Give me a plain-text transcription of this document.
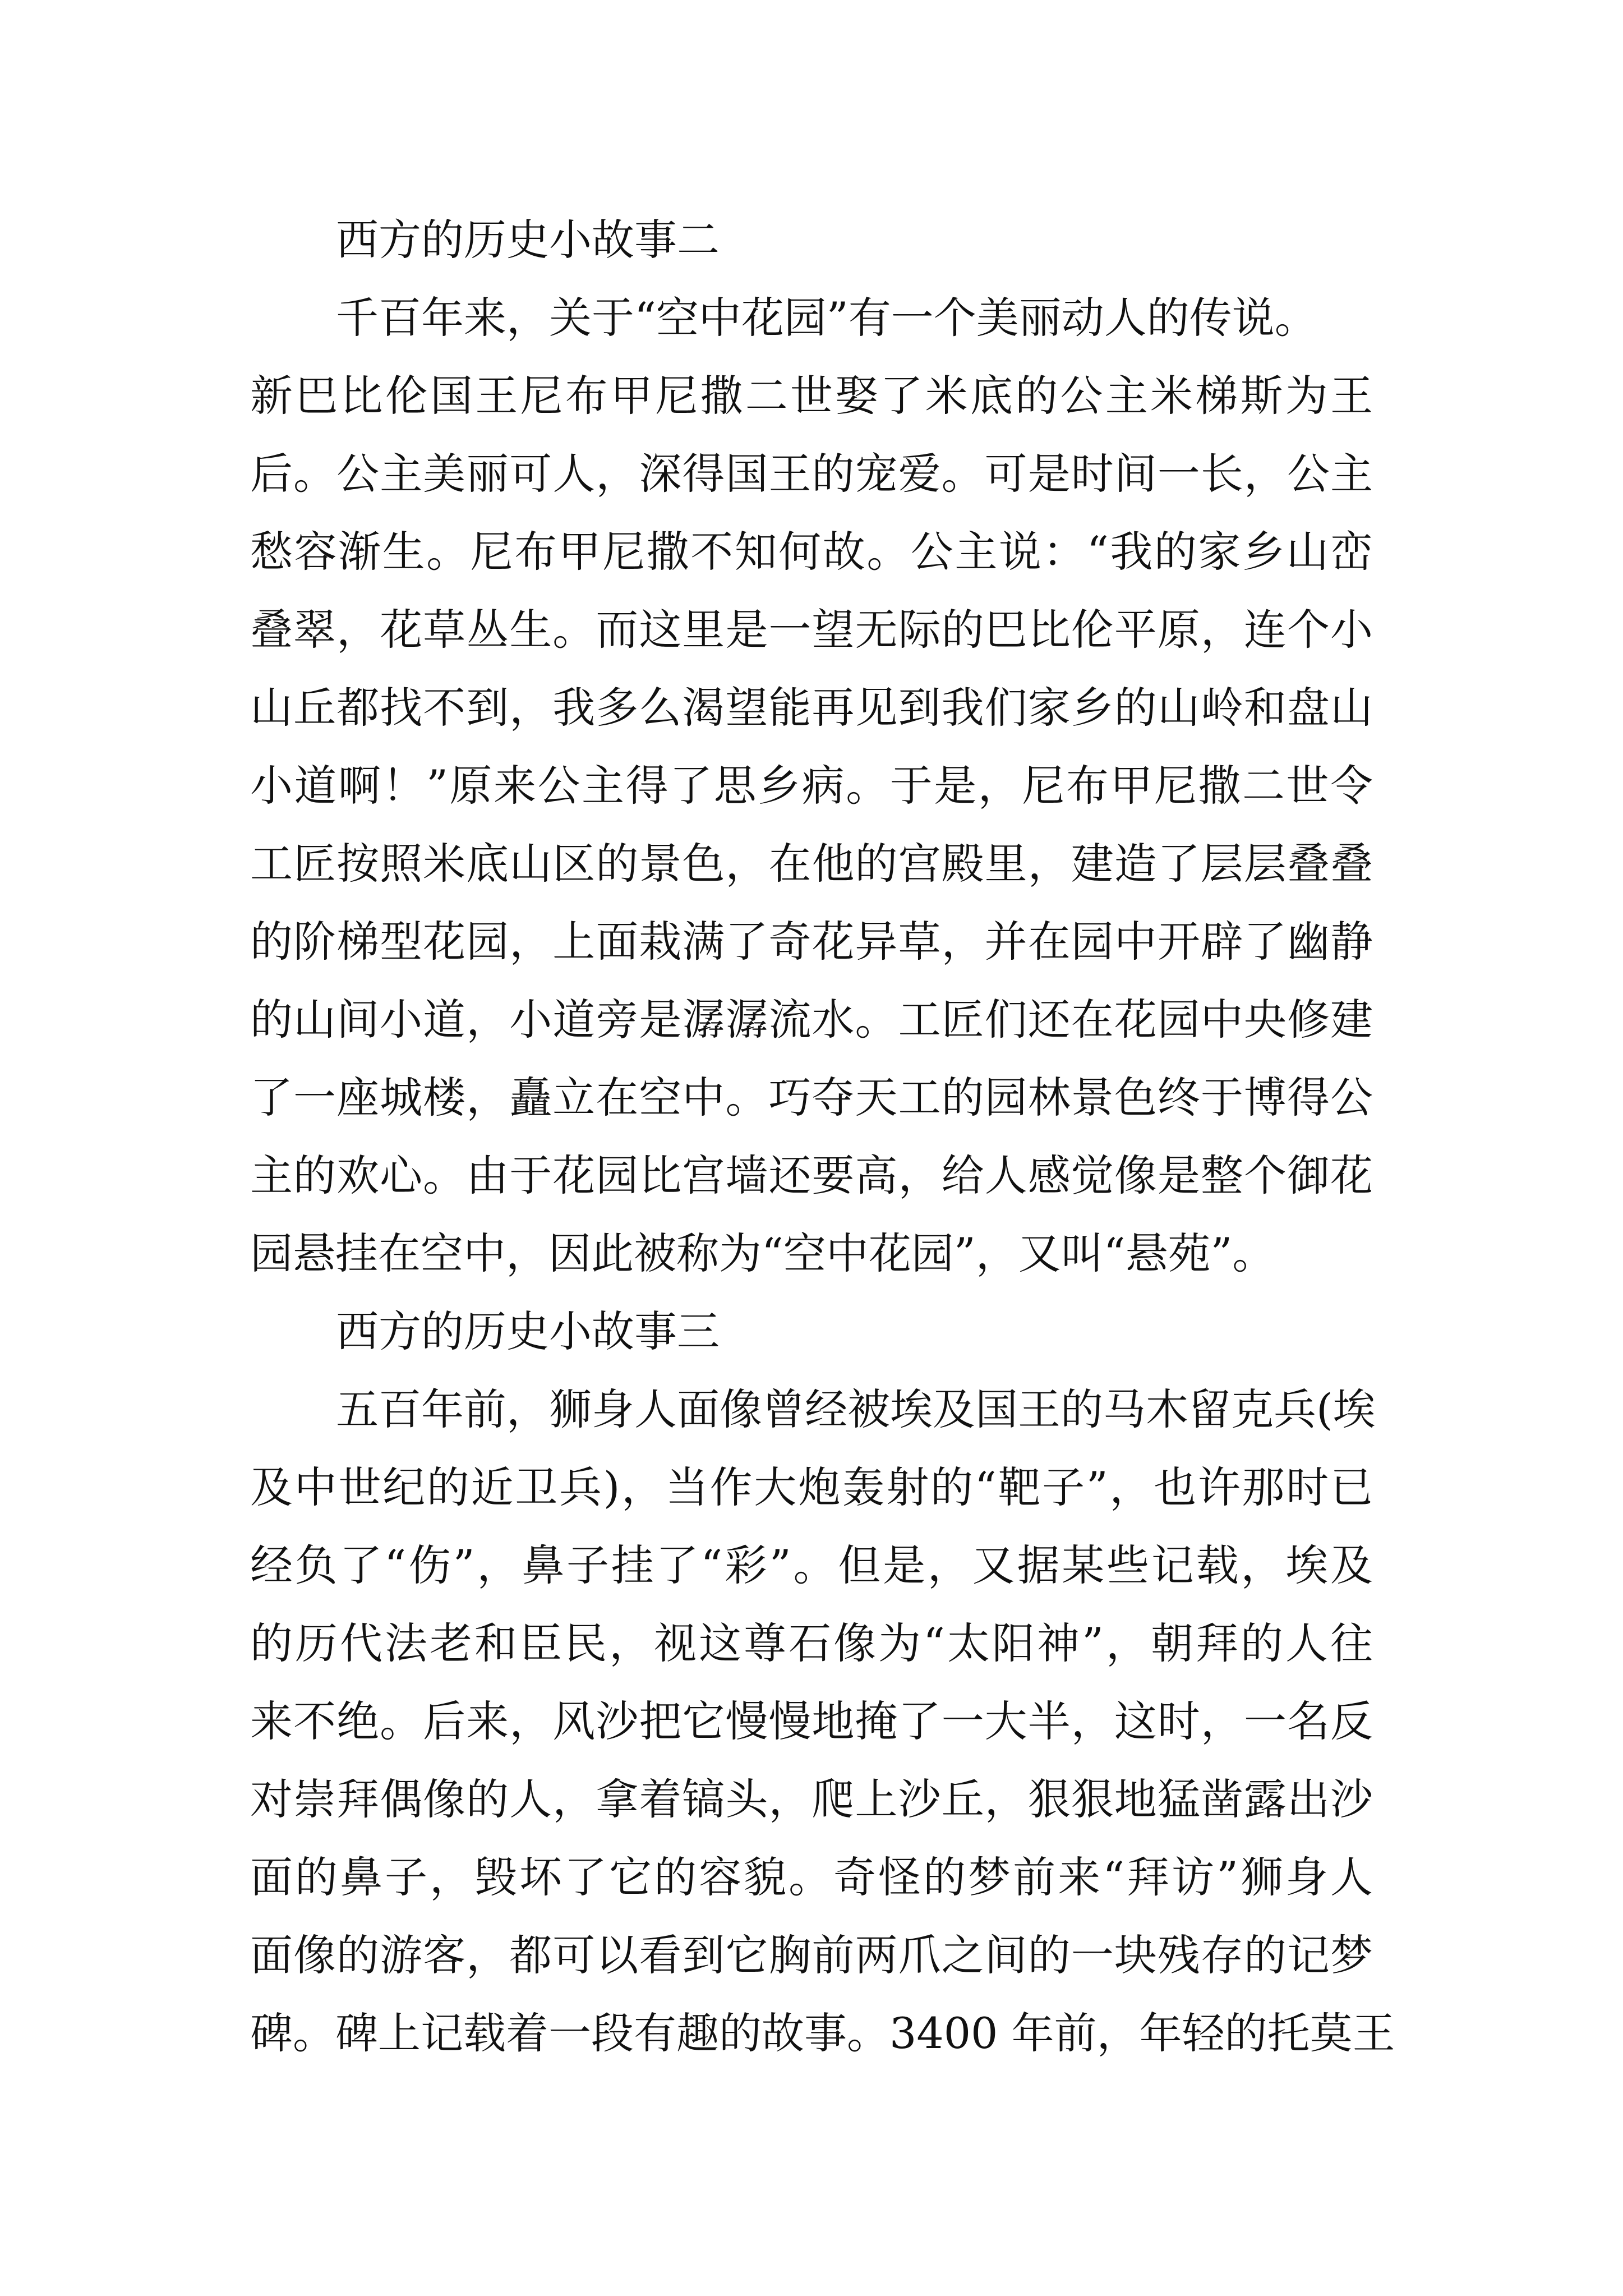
西方的历史小故事二
千百年来，关于“空中花园”有一个美丽动人的传说。
新巴比伦国王尼布甲尼撒二世娶了米底的公主米梯斯为王
后。公主美丽可人，深得国王的宠爱。可是时间一长，公主
愁容渐生。尼布甲尼撒不知何故。公主说：“我的家乡山峦
叠翠，花草丛生。而这里是一望无际的巴比伦平原，连个小
山丘都找不到，我多么渴望能再见到我们家乡的山岭和盘山
小道啊！”原来公主得了思乡病。于是，尼布甲尼撒二世令
工匠按照米底山区的景色，在他的宫殿里，建造了层层叠叠
的阶梯型花园，上面栽满了奇花异草，并在园中开辟了幽静
的山间小道，小道旁是潺潺流水。工匠们还在花园中央修建
了一座城楼，矗立在空中。巧夺天工的园林景色终于博得公
主的欢心。由于花园比宫墙还要高，给人感觉像是整个御花
园悬挂在空中，因此被称为“空中花园”，又叫“悬苑”。
西方的历史小故事三
五百年前，狮身人面像曾经被埃及国王的马木留克兵(埃
及中世纪的近卫兵)，当作大炮轰射的“靶子”，也许那时已
经负了“伤”，鼻子挂了“彩”。但是，又据某些记载，埃及
的历代法老和臣民，视这尊石像为“太阳神”，朝拜的人往
来不绝。后来，风沙把它慢慢地掩了一大半，这时，一名反
对崇拜偶像的人，拿着镐头，爬上沙丘，狠狠地猛凿露出沙
面的鼻子，毁坏了它的容貌。奇怪的梦前来“拜访”狮身人
面像的游客，都可以看到它胸前两爪之间的一块残存的记梦
碑。碑上记载着一段有趣的故事。3400 年前，年轻的托莫王
